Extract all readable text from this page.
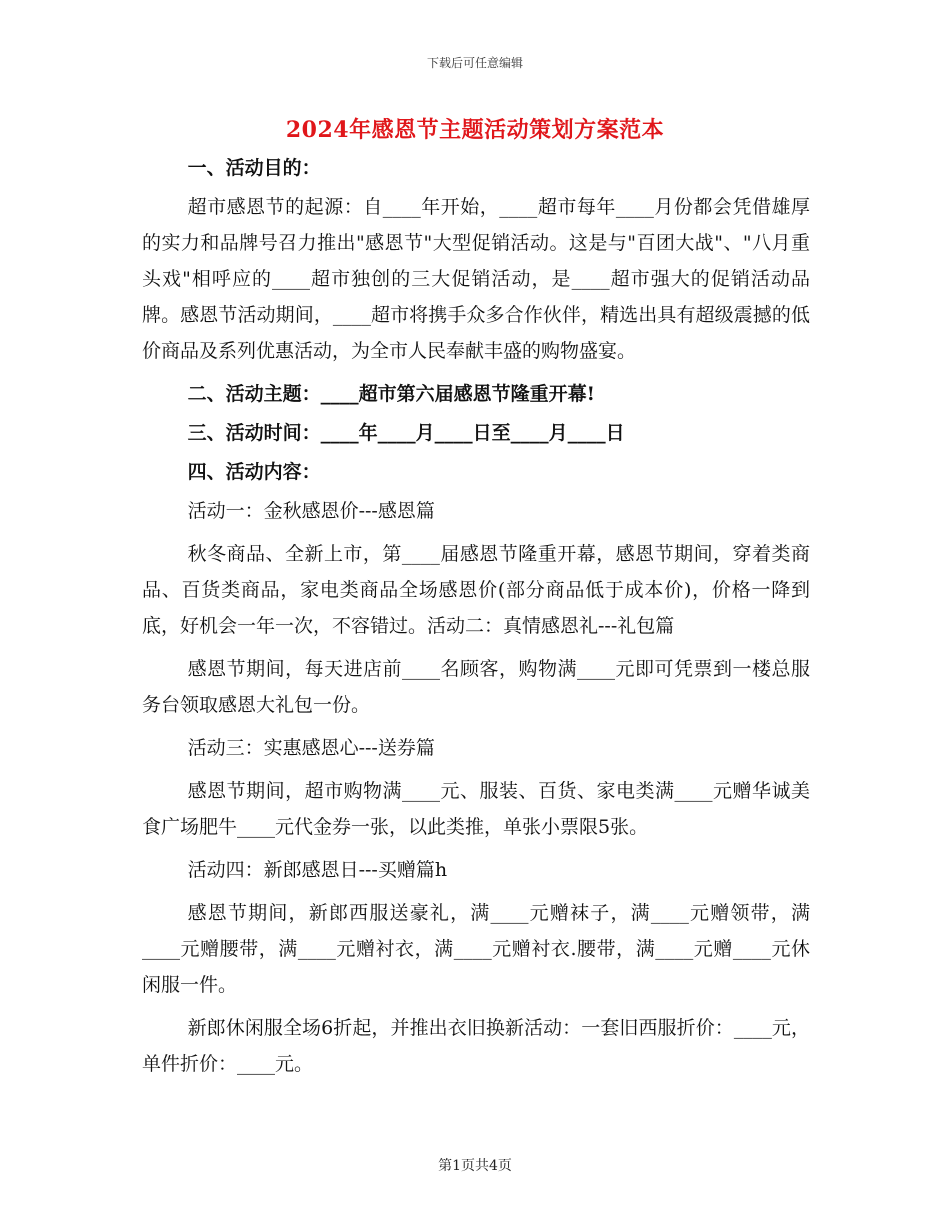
下载后可任意编辑
2024年感恩节主题活动策划方案范本

一、活动目的：

超市感恩节的起源：自____年开始，____超市每年____月份都会凭借雄厚的实力和品牌号召力推出"感恩节"大型促销活动。这是与"百团大战"、"八月重头戏"相呼应的____超市独创的三大促销活动，是____超市强大的促销活动品牌。感恩节活动期间，____超市将携手众多合作伙伴，精选出具有超级震撼的低价商品及系列优惠活动，为全市人民奉献丰盛的购物盛宴。

二、活动主题：____超市第六届感恩节隆重开幕!

三、活动时间：____年____月____日至____月____日

四、活动内容：

活动一：金秋感恩价---感恩篇

秋冬商品、全新上市，第____届感恩节隆重开幕，感恩节期间，穿着类商品、百货类商品，家电类商品全场感恩价(部分商品低于成本价)，价格一降到底，好机会一年一次，不容错过。活动二：真情感恩礼---礼包篇

感恩节期间，每天进店前____名顾客，购物满____元即可凭票到一楼总服务台领取感恩大礼包一份。

活动三：实惠感恩心---送券篇

感恩节期间，超市购物满____元、服装、百货、家电类满____元赠华诚美食广场肥牛____元代金券一张，以此类推，单张小票限5张。

活动四：新郎感恩日---买赠篇h

感恩节期间，新郎西服送豪礼，满____元赠袜子，满____元赠领带，满____元赠腰带，满____元赠衬衣，满____元赠衬衣.腰带，满____元赠____元休闲服一件。

新郎休闲服全场6折起，并推出衣旧换新活动：一套旧西服折价：____元，单件折价：____元。

第1页共4页
